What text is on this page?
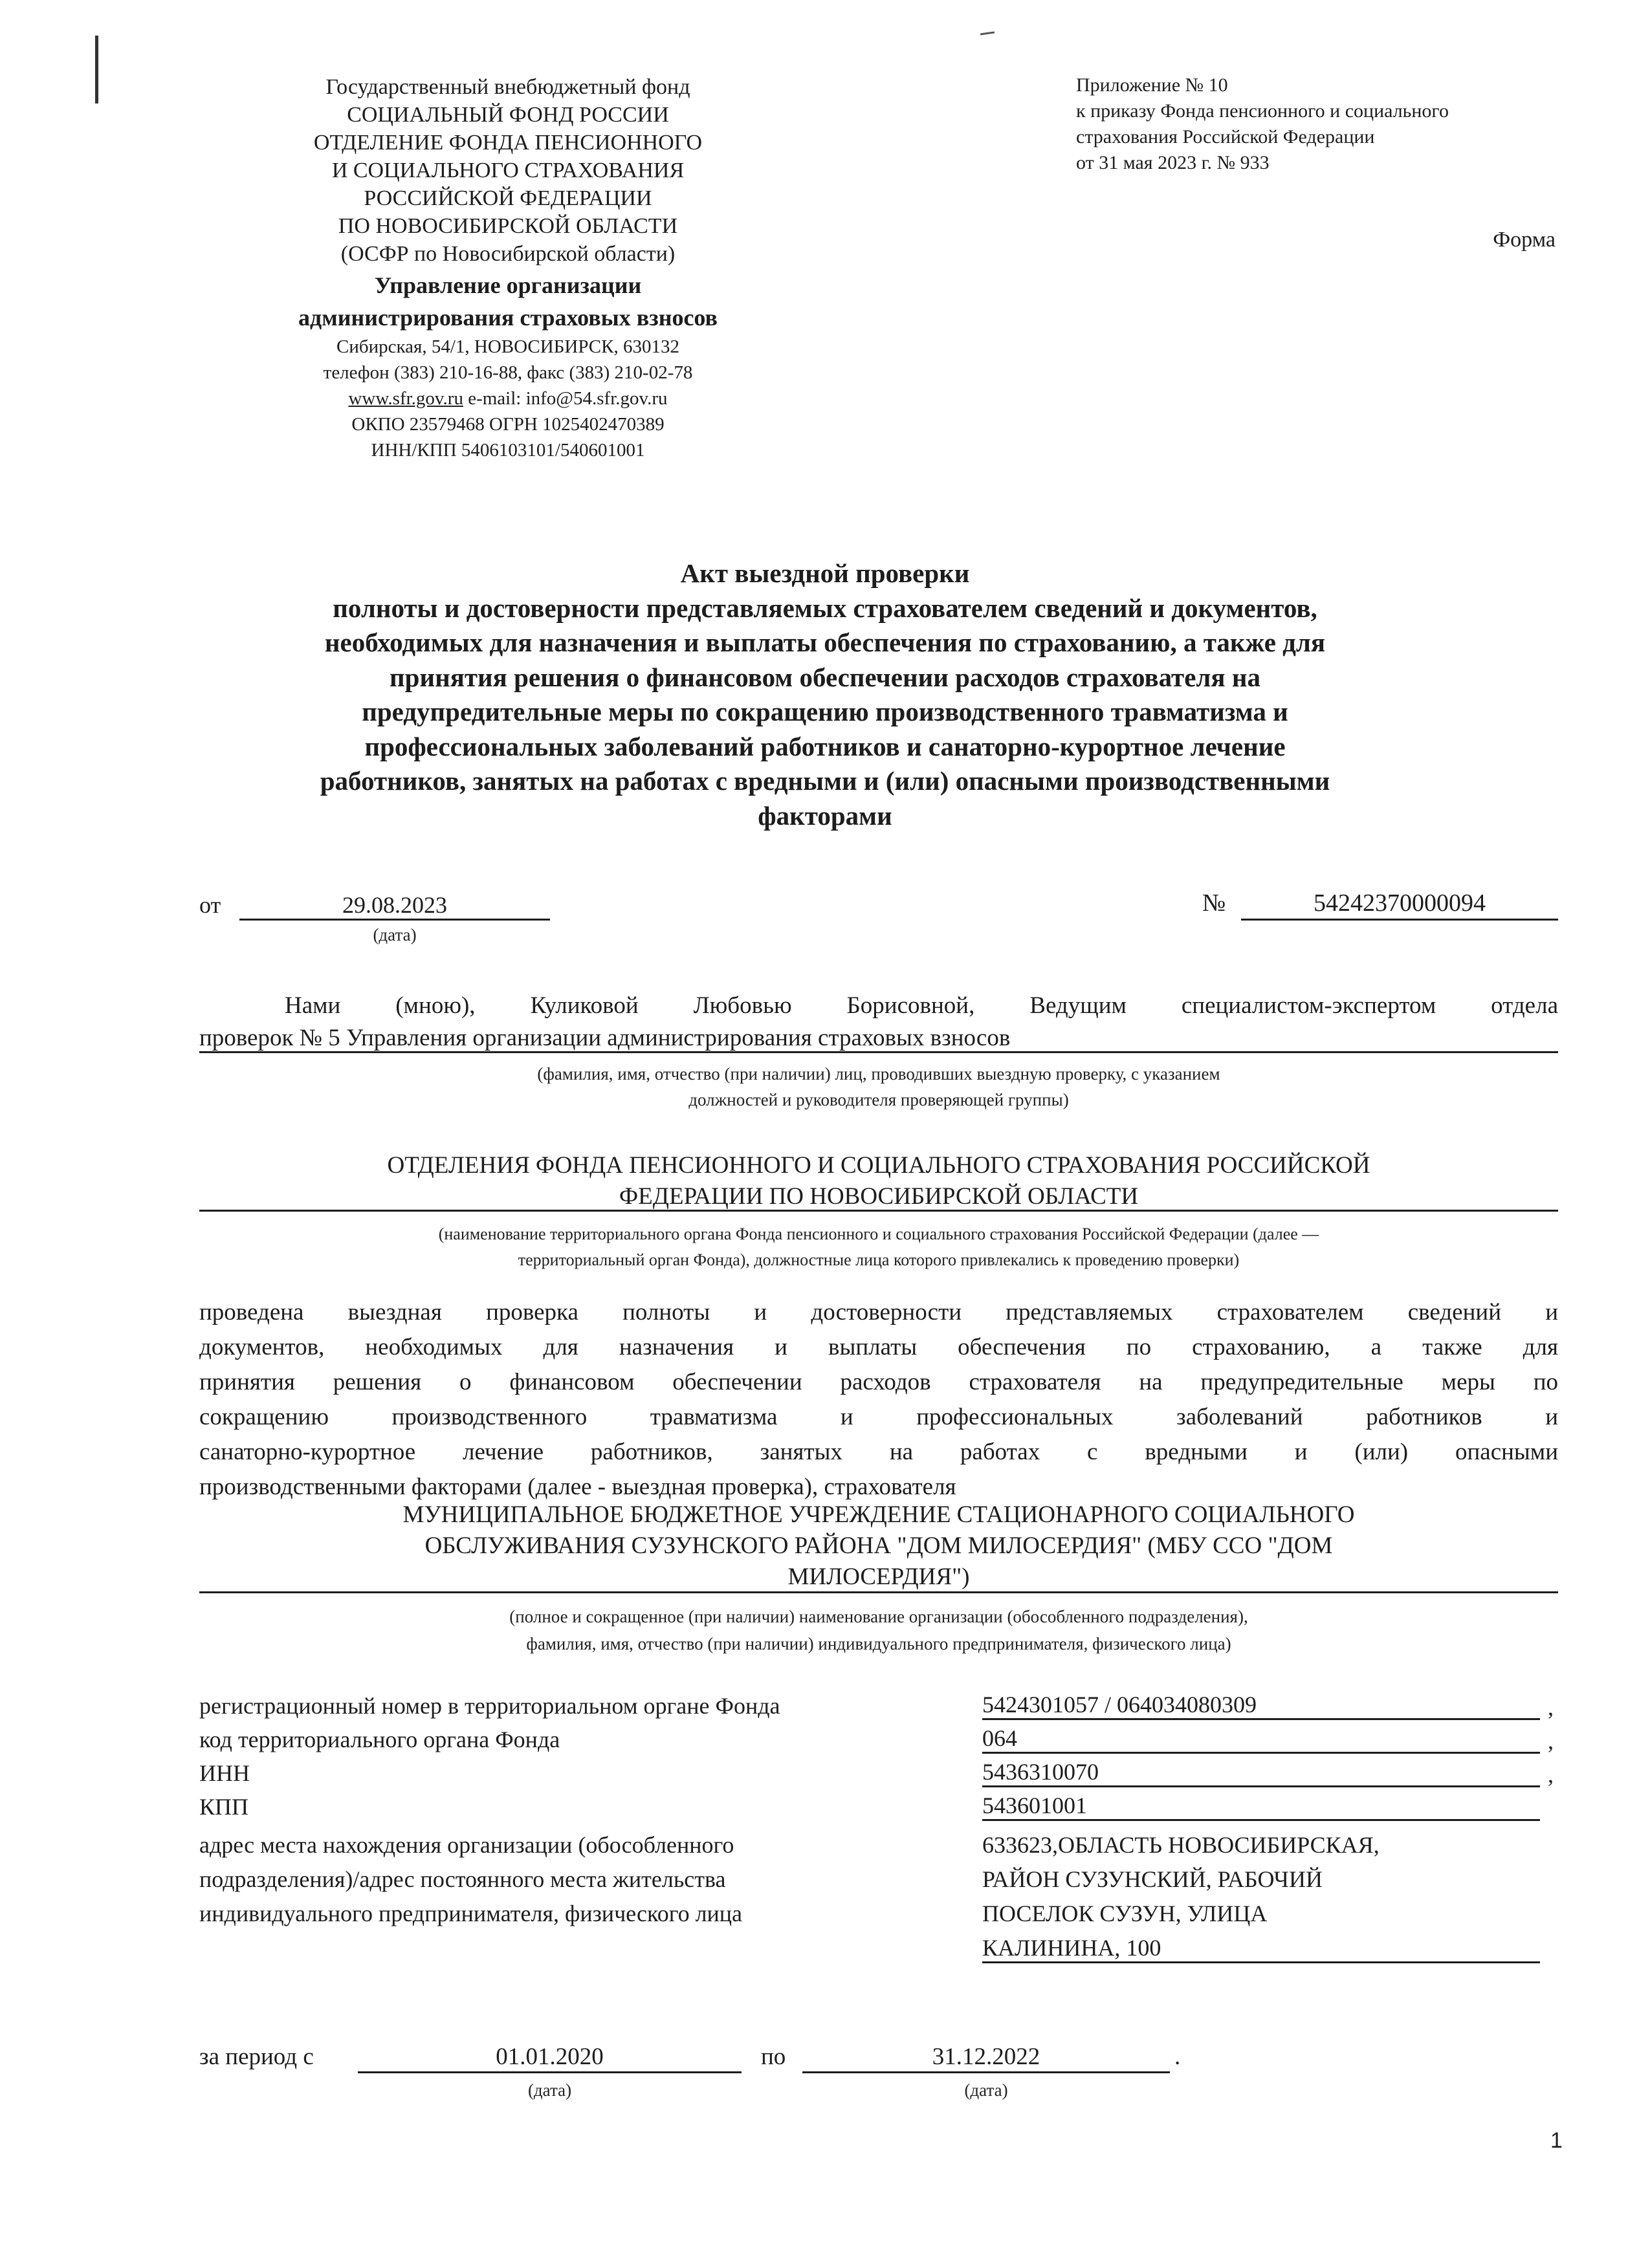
Государственный внебюджетный фонд
СОЦИАЛЬНЫЙ ФОНД РОССИИ
ОТДЕЛЕНИЕ ФОНДА ПЕНСИОННОГО
И СОЦИАЛЬНОГО СТРАХОВАНИЯ
РОССИЙСКОЙ ФЕДЕРАЦИИ
ПО НОВОСИБИРСКОЙ ОБЛАСТИ
(ОСФР по Новосибирской области)
Управление организации
администрирования страховых взносов
Сибирская, 54/1, НОВОСИБИРСК, 630132
телефон (383) 210-16-88, факс (383) 210-02-78
www.sfr.gov.ru e-mail: info@54.sfr.gov.ru
ОКПО 23579468 ОГРН 1025402470389
ИНН/КПП 5406103101/540601001
Приложение № 10
к приказу Фонда пенсионного и социального
страхования Российской Федерации
от 31 мая 2023 г. № 933
Форма
Акт выездной проверки
полноты и достоверности представляемых страхователем сведений и документов,
необходимых для назначения и выплаты обеспечения по страхованию, а также для
принятия решения о финансовом обеспечении расходов страхователя на
предупредительные меры по сокращению производственного травматизма и
профессиональных заболеваний работников и санаторно-курортное лечение
работников, занятых на работах с вредными и (или) опасными производственными
факторами
от	29.08.2023
(дата)
№	54242370000094
Нами (мною), Куликовой Любовью Борисовной, Ведущим специалистом-экспертом отдела
проверок № 5 Управления организации администрирования страховых взносов
(фамилия, имя, отчество (при наличии) лиц, проводивших выездную проверку, с указанием
должностей и руководителя проверяющей группы)
ОТДЕЛЕНИЯ ФОНДА ПЕНСИОННОГО И СОЦИАЛЬНОГО СТРАХОВАНИЯ РОССИЙСКОЙ
ФЕДЕРАЦИИ ПО НОВОСИБИРСКОЙ ОБЛАСТИ
(наименование территориального органа Фонда пенсионного и социального страхования Российской Федерации (далее —
территориальный орган Фонда), должностные лица которого привлекались к проведению проверки)
проведена выездная проверка полноты и достоверности представляемых страхователем сведений и
документов, необходимых для назначения и выплаты обеспечения по страхованию, а также для
принятия решения о финансовом обеспечении расходов страхователя на предупредительные меры по
сокращению производственного травматизма и профессиональных заболеваний работников и
санаторно-курортное лечение работников, занятых на работах с вредными и (или) опасными
производственными факторами (далее - выездная проверка), страхователя
МУНИЦИПАЛЬНОЕ БЮДЖЕТНОЕ УЧРЕЖДЕНИЕ СТАЦИОНАРНОГО СОЦИАЛЬНОГО
ОБСЛУЖИВАНИЯ СУЗУНСКОГО РАЙОНА "ДОМ МИЛОСЕРДИЯ" (МБУ ССО "ДОМ
МИЛОСЕРДИЯ")
(полное и сокращенное (при наличии) наименование организации (обособленного подразделения),
фамилия, имя, отчество (при наличии) индивидуального предпринимателя, физического лица)
регистрационный номер в территориальном органе Фонда	5424301057 / 064034080309	,
код территориального органа Фонда	064	,
ИНН	5436310070	,
КПП	543601001
адрес места нахождения организации (обособленного
подразделения)/адрес постоянного места жительства
индивидуального предпринимателя, физического лица
633623,ОБЛАСТЬ НОВОСИБИРСКАЯ,
РАЙОН СУЗУНСКИЙ, РАБОЧИЙ
ПОСЕЛОК СУЗУН, УЛИЦА
КАЛИНИНА, 100
за период с	01.01.2020
(дата)
по	31.12.2022
(дата)
.
1
